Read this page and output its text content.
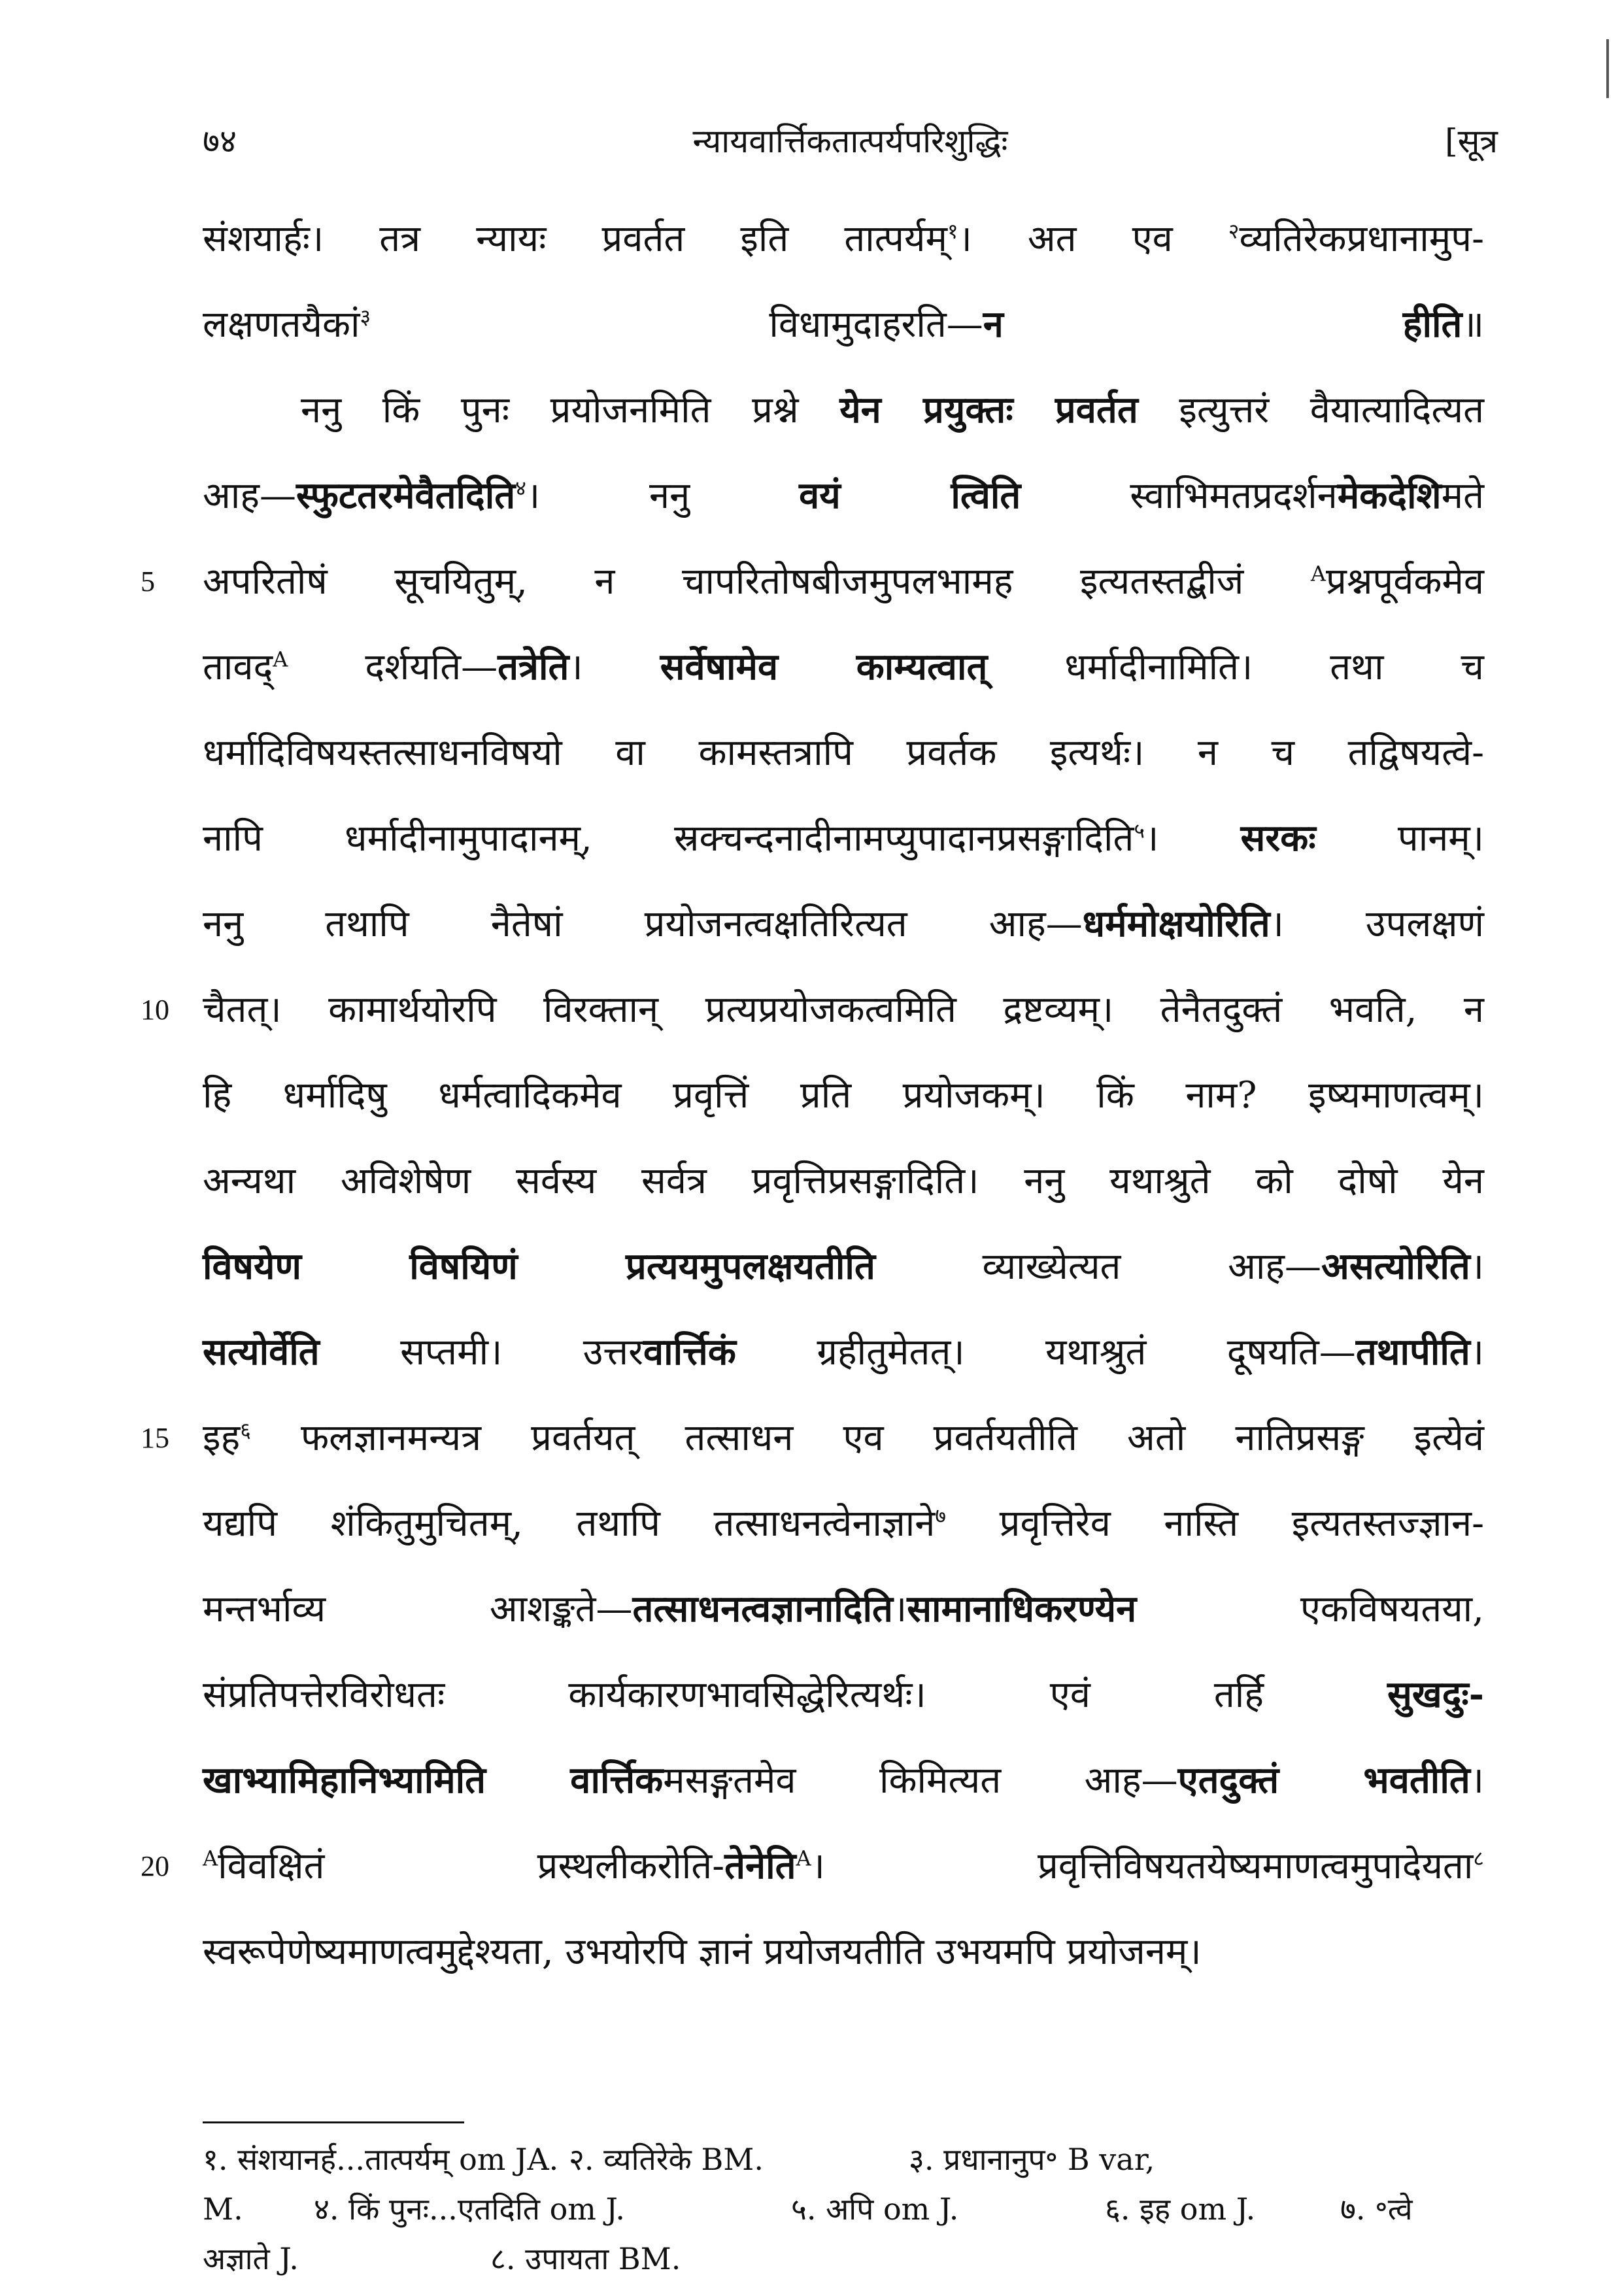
७४	न्यायवार्त्तिकतात्पर्यपरिशुद्धिः	[सूत्र
संशयार्हः। तत्र न्यायः प्रवर्तत इति तात्पर्यम्$^१$। अत एव $^२$व्यतिरेकप्रधानामुप-
लक्षणतयैकां$^३$ विधामुदाहरति—न हीति॥
ननु किं पुनः प्रयोजनमिति प्रश्ने येन प्रयुक्तः प्रवर्तत इत्युत्तरं वैयात्यादित्यत
आह—स्फुटतरमेवैतदिति$^४$। ननु वयं त्विति स्वाभिमतप्रदर्शनमेकदेशिमते
5	अपरितोषं सूचयितुम्, न चापरितोषबीजमुपलभामह इत्यतस्तद्बीजं $^A$प्रश्नपूर्वकमेव
तावद्$^A$ दर्शयति—तत्रेति। सर्वेषामेव काम्यत्वात् धर्मादीनामिति। तथा च
धर्मादिविषयस्तत्साधनविषयो वा कामस्तत्रापि प्रवर्तक इत्यर्थः। न च तद्विषयत्वे-
नापि धर्मादीनामुपादानम्, स्रक्चन्दनादीनामप्युपादानप्रसङ्गादिति$^५$। सरकः पानम्।
ननु तथापि नैतेषां प्रयोजनत्वक्षतिरित्यत आह—धर्ममोक्षयोरिति। उपलक्षणं
10 चैतत्। कामार्थयोरपि विरक्तान् प्रत्यप्रयोजकत्वमिति द्रष्टव्यम्। तेनैतदुक्तं भवति, न
हि धर्मादिषु धर्मत्वादिकमेव प्रवृत्तिं प्रति प्रयोजकम्। किं नाम? इष्यमाणत्वम्।
अन्यथा अविशेषेण सर्वस्य सर्वत्र प्रवृत्तिप्रसङ्गादिति। ननु यथाश्रुते को दोषो येन
विषयेण विषयिणं प्रत्ययमुपलक्षयतीति व्याख्येत्यत आह—असत्योरिति।
सत्योर्वेति सप्तमी। उत्तरवार्त्तिकं ग्रहीतुमेतत्। यथाश्रुतं दूषयति—तथापीति।
15 इह$^६$ फलज्ञानमन्यत्र प्रवर्तयत् तत्साधन एव प्रवर्तयतीति अतो नातिप्रसङ्ग इत्येवं
यद्यपि शंकितुमुचितम्, तथापि तत्साधनत्वेनाज्ञाने$^७$ प्रवृत्तिरेव नास्ति इत्यतस्तज्ज्ञान-
मन्तर्भाव्य आशङ्कते—तत्साधनत्वज्ञानादिति।सामानाधिकरण्येन एकविषयतया,
संप्रतिपत्तेरविरोधतः कार्यकारणभावसिद्धेरित्यर्थः। एवं तर्हि सुखदुः-
खाभ्यामिहानिभ्यामिति वार्त्तिकमसङ्गतमेव किमित्यत आह—एतदुक्तं भवतीति।
20	$^A$विवक्षितं प्रस्थलीकरोति-तेनेति$^A$। प्रवृत्तिविषयतयेष्यमाणत्वमुपादेयता$^८$
स्वरूपेणेष्यमाणत्वमुद्देश्यता, उभयोरपि ज्ञानं प्रयोजयतीति उभयमपि प्रयोजनम्।
१. संशयानर्ह...तात्पर्यम् om JA. २. व्यतिरेके BM.	३. प्रधानानुप॰ B var,
M. ४. किं पुनः...एतदिति om J.	५. अपि om J.	६. इह om J.	७. ॰त्वे
अज्ञाते J.	८. उपायता BM.
